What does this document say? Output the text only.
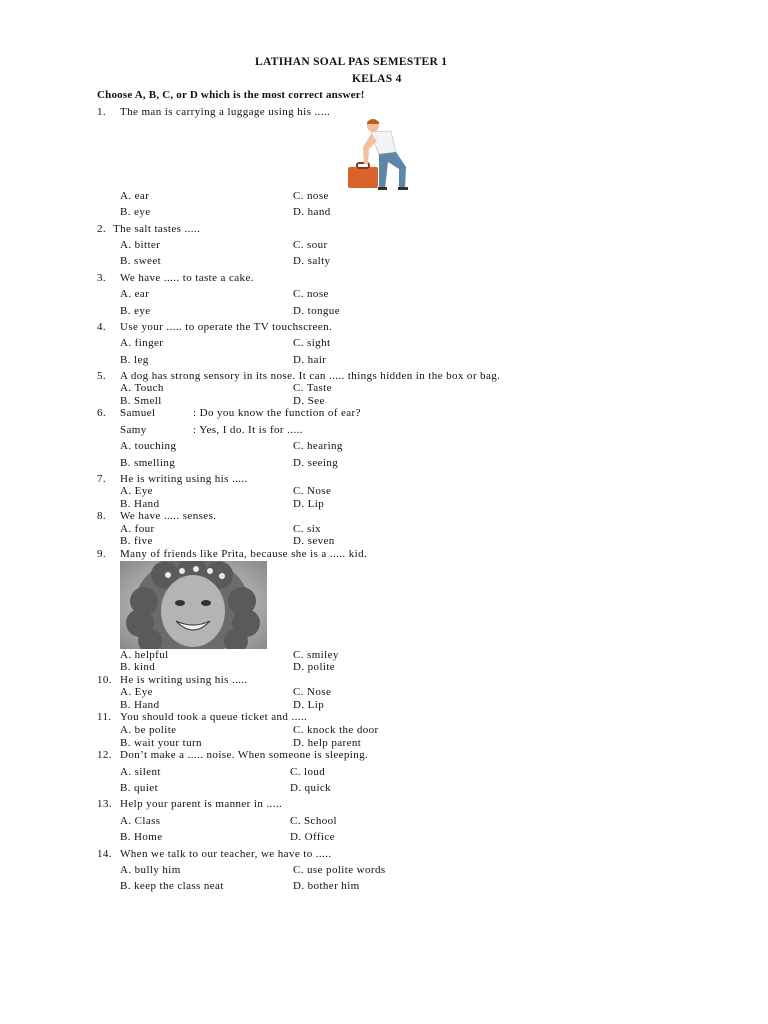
LATIHAN SOAL PAS SEMESTER 1
KELAS 4
Choose A, B, C, or D which is the most correct answer!
1. The man is carrying a luggage using his .....
A. ear	C. nose
B. eye	D. hand
2. The salt tastes .....
A. bitter	C. sour
B. sweet	D. salty
3. We have ..... to taste a cake.
A. ear	C. nose
B. eye	D. tongue
4. Use your ..... to operate the TV touchscreen.
A. finger	C. sight
B. leg	D. hair
5. A dog has strong sensory in its nose. It can ..... things hidden in the box or bag.
A. Touch	C. Taste
B. Smell	D. See
6. Samuel	: Do you know the function of ear?
Samy	: Yes, I do. It is for .....
A. touching	C. hearing
B. smelling	D. seeing
7. He is writing using his .....
A. Eye	C. Nose
B. Hand	D. Lip
8. We have ..... senses.
A. four	C. six
B. five	D. seven
9. Many of friends like Prita, because she is a ..... kid.
A. helpful	C. smiley
B. kind	D. polite
10. He is writing using his .....
A. Eye	C. Nose
B. Hand	D. Lip
11. You should took a queue ticket and .....
A. be polite	C. knock the door
B. wait your turn	D. help parent
12. Don’t make a ..... noise. When someone is sleeping.
A. silent	C. loud
B. quiet	D. quick
13. Help your parent is manner in .....
A. Class	C. School
B. Home	D. Office
14. When we talk to our teacher, we have to .....
A. bully him	C. use polite words
B. keep the class neat	D. bother him
